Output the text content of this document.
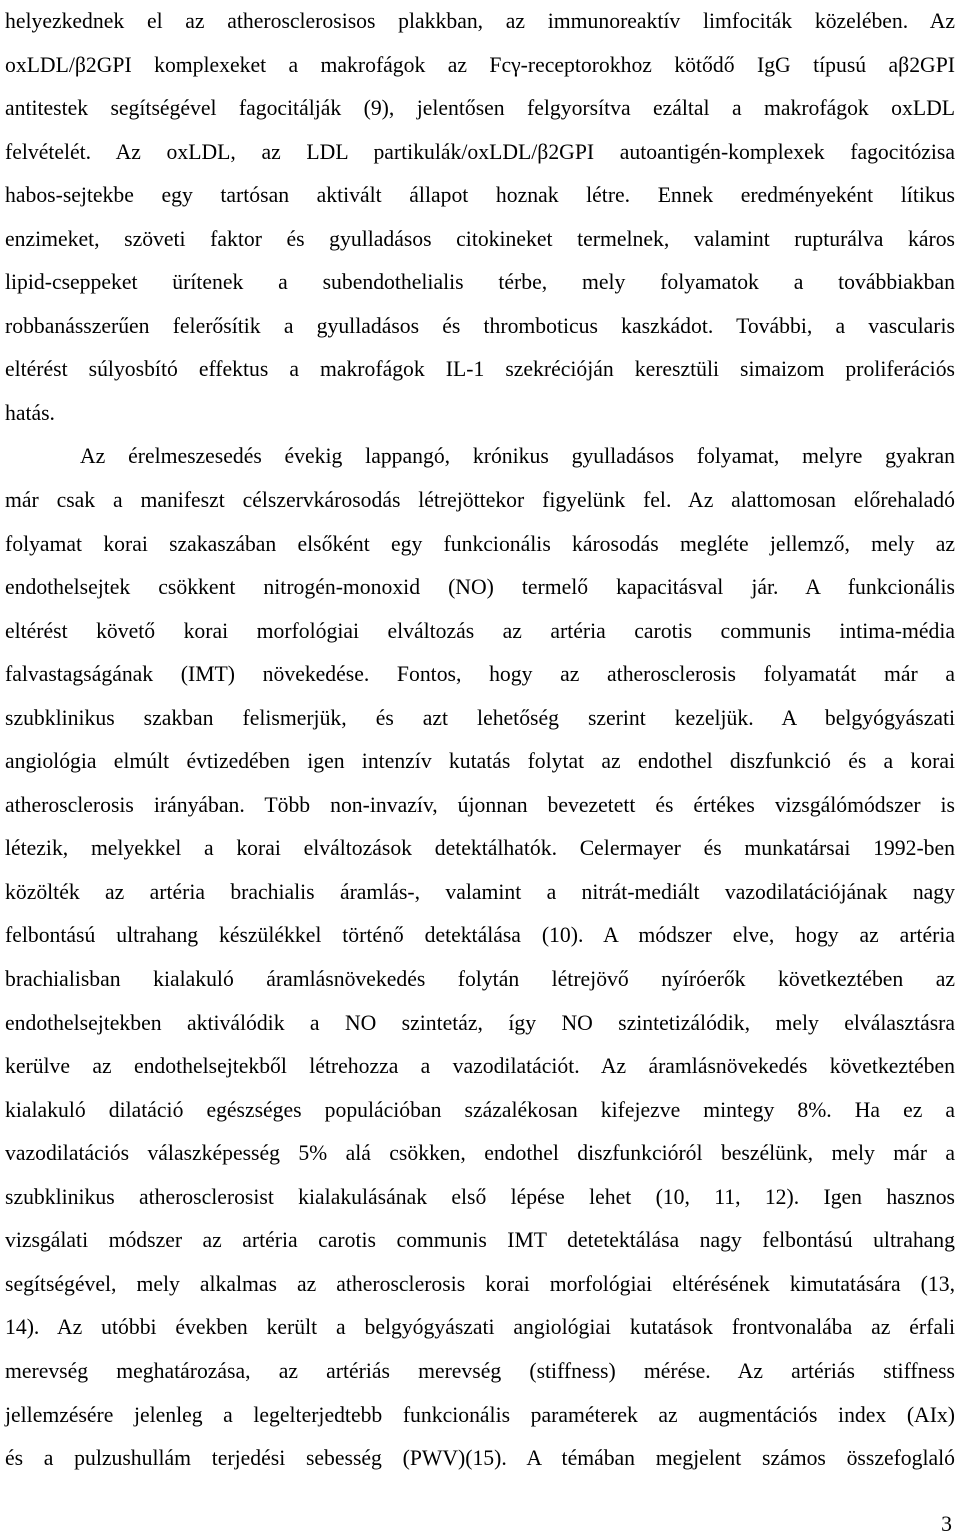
helyezkednek el az atherosclerosisos plakkban, az immunoreaktív limfociták közelében. Az
oxLDL/β2GPI komplexeket a makrofágok az Fcγ-receptorokhoz kötődő IgG típusú aβ2GPI
antitestek segítségével fagocitálják (9), jelentősen felgyorsítva ezáltal a makrofágok oxLDL
felvételét. Az oxLDL, az LDL partikulák/oxLDL/β2GPI autoantigén-komplexek fagocitózisa
habos-sejtekbe egy tartósan aktivált állapot hoznak létre. Ennek eredményeként lítikus
enzimeket, szöveti faktor és gyulladásos citokineket termelnek, valamint rupturálva káros
lipid-cseppeket ürítenek a subendothelialis térbe, mely folyamatok a továbbiakban
robbanásszerűen felerősítik a gyulladásos és thromboticus kaszkádot. További, a vascularis
eltérést súlyosbító effektus a makrofágok IL-1 szekrécióján keresztüli simaizom proliferációs
hatás.
Az érelmeszesedés évekig lappangó, krónikus gyulladásos folyamat, melyre gyakran
már csak a manifeszt célszervkárosodás létrejöttekor figyelünk fel. Az alattomosan előrehaladó
folyamat korai szakaszában elsőként egy funkcionális károsodás megléte jellemző, mely az
endothelsejtek csökkent nitrogén-monoxid (NO) termelő kapacitásval jár. A funkcionális
eltérést követő korai morfológiai elváltozás az artéria carotis communis intima-média
falvastagságának (IMT) növekedése. Fontos, hogy az atherosclerosis folyamatát már a
szubklinikus szakban felismerjük, és azt lehetőség szerint kezeljük. A belgyógyászati
angiológia elmúlt évtizedében igen intenzív kutatás folytat az endothel diszfunkció és a korai
atherosclerosis irányában. Több non-invazív, újonnan bevezetett és értékes vizsgálómódszer is
létezik, melyekkel a korai elváltozások detektálhatók. Celermayer és munkatársai 1992-ben
közölték az artéria brachialis áramlás-, valamint a nitrát-mediált vazodilatációjának nagy
felbontású ultrahang készülékkel történő detektálása (10). A módszer elve, hogy az artéria
brachialisban kialakuló áramlásnövekedés folytán létrejövő nyíróerők következtében az
endothelsejtekben aktiválódik a NO szintetáz, így NO szintetizálódik, mely elválasztásra
kerülve az endothelsejtekből létrehozza a vazodilatációt. Az áramlásnövekedés következtében
kialakuló dilatáció egészséges populációban százalékosan kifejezve mintegy 8%. Ha ez a
vazodilatációs válaszképesség 5% alá csökken, endothel diszfunkcióról beszélünk, mely már a
szubklinikus atherosclerosist kialakulásának első lépése lehet (10, 11, 12). Igen hasznos
vizsgálati módszer az artéria carotis communis IMT detetektálása nagy felbontású ultrahang
segítségével, mely alkalmas az atherosclerosis korai morfológiai eltérésének kimutatására (13,
14). Az utóbbi években került a belgyógyászati angiológiai kutatások frontvonalába az érfali
merevség meghatározása, az artériás merevség (stiffness) mérése. Az artériás stiffness
jellemzésére jelenleg a legelterjedtebb funkcionális paraméterek az augmentációs index (AIx)
és a pulzushullám terjedési sebesség (PWV)(15). A témában megjelent számos összefoglaló
3
